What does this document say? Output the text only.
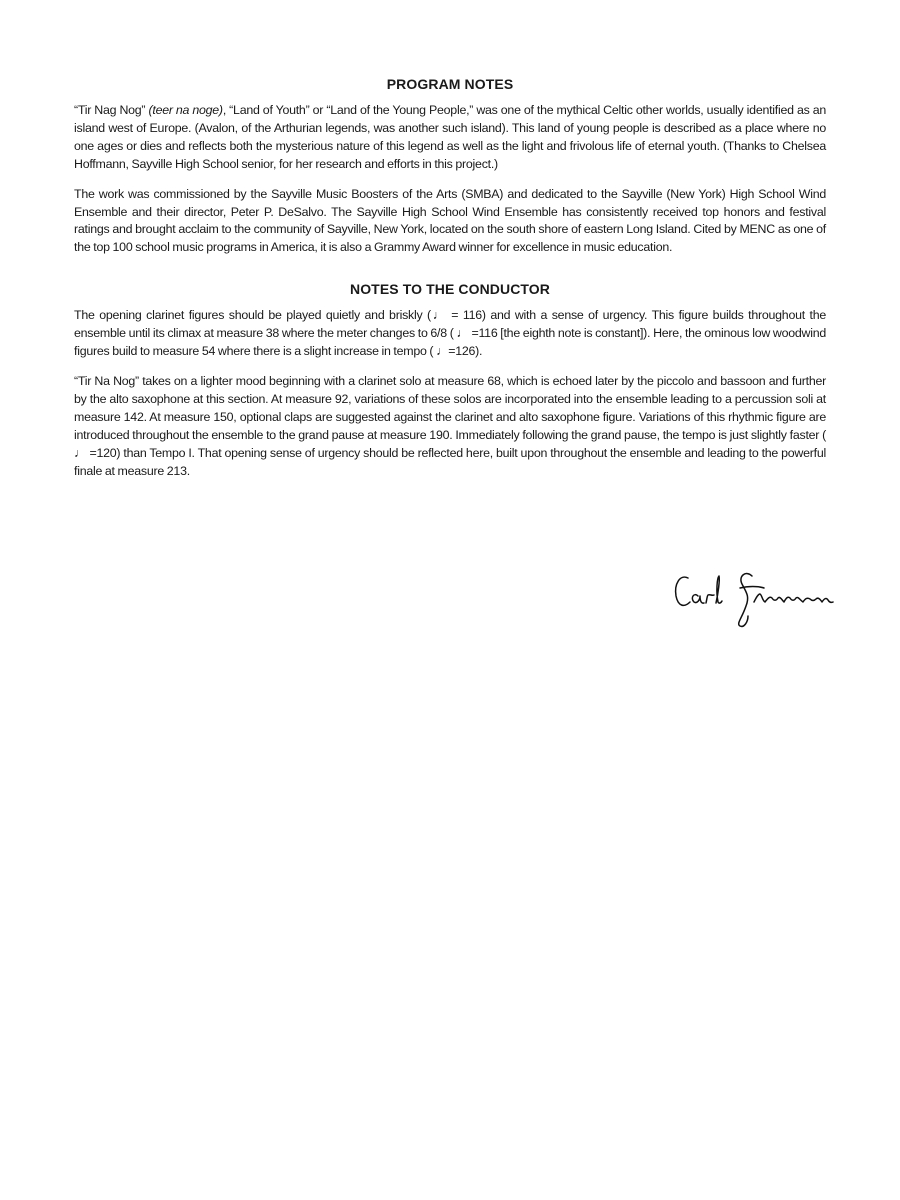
PROGRAM NOTES

“Tir Nag Nog” (teer na noge), “Land of Youth” or “Land of the Young People,” was one of the mythical Celtic other worlds, usually identified as an island west of Europe. (Avalon, of the Arthurian legends, was another such island). This land of young people is described as a place where no one ages or dies and reflects both the mysterious nature of this legend as well as the light and frivolous life of eternal youth. (Thanks to Chelsea Hoffmann, Sayville High School senior, for her research and efforts in this project.)

The work was commissioned by the Sayville Music Boosters of the Arts (SMBA) and dedicated to the Sayville (New York) High School Wind Ensemble and their director, Peter P. DeSalvo. The Sayville High School Wind Ensemble has consistently received top honors and festival ratings and brought acclaim to the community of Sayville, New York, located on the south shore of eastern Long Island. Cited by MENC as one of the top 100 school music programs in America, it is also a Grammy Award winner for excellence in music education.

NOTES TO THE CONDUCTOR

The opening clarinet figures should be played quietly and briskly (♩ = 116) and with a sense of urgency. This figure builds throughout the ensemble until its climax at measure 38 where the meter changes to 6/8 ( ♩ =116 [the eighth note is constant]). Here, the ominous low woodwind figures build to measure 54 where there is a slight increase in tempo ( ♩=126).

“Tir Na Nog” takes on a lighter mood beginning with a clarinet solo at measure 68, which is echoed later by the piccolo and bassoon and further by the alto saxophone at this section. At measure 92, variations of these solos are incorporated into the ensemble leading to a percussion soli at measure 142. At measure 150, optional claps are suggested against the clarinet and alto saxophone figure. Variations of this rhythmic figure are introduced throughout the ensemble to the grand pause at measure 190. Immediately following the grand pause, the tempo is just slightly faster ( ♩ =120) than Tempo I. That opening sense of urgency should be reflected here, built upon throughout the ensemble and leading to the powerful finale at measure 213.
